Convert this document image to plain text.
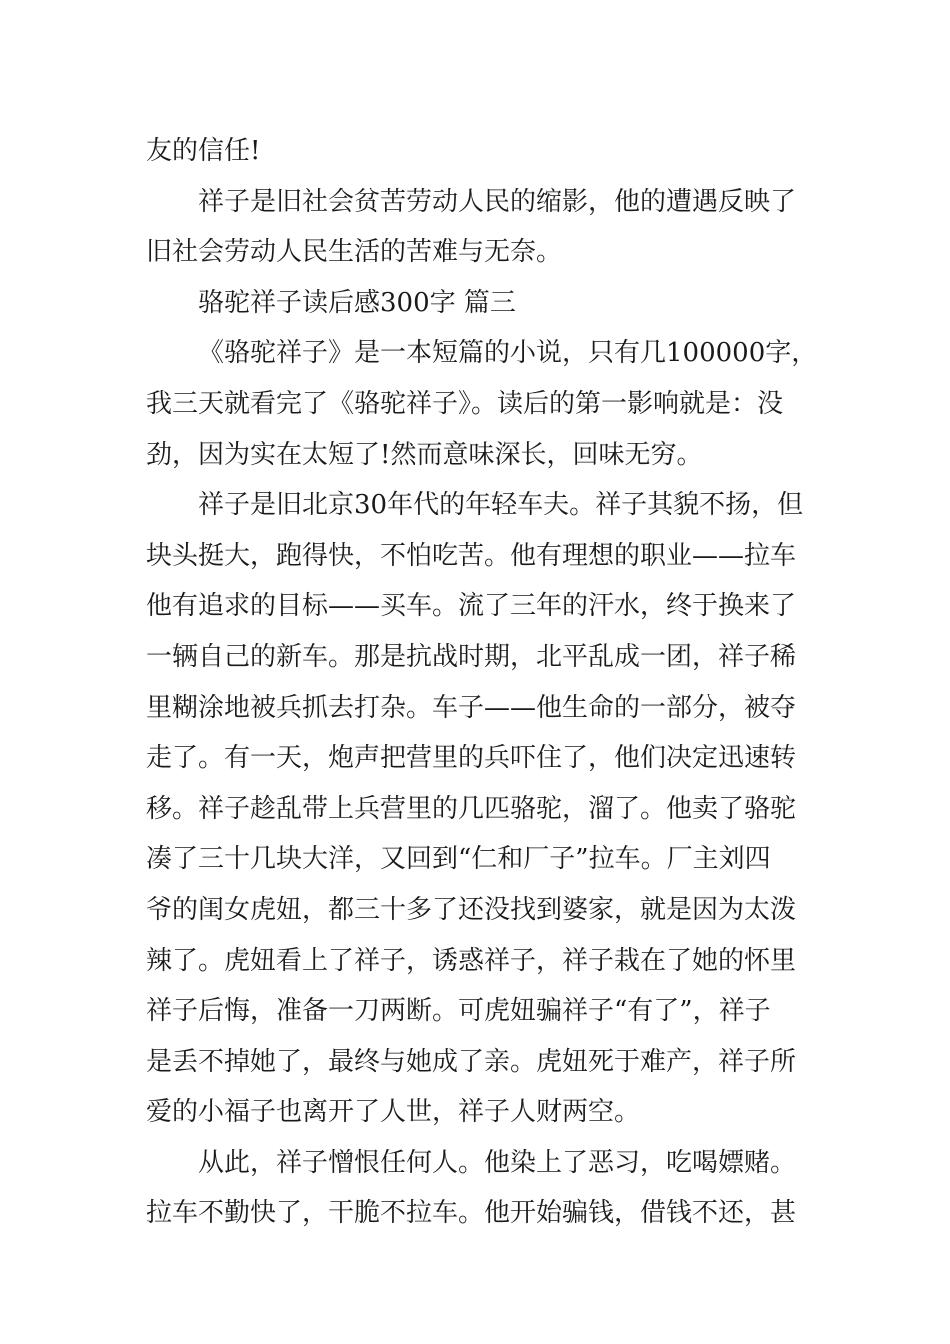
友的信任!
祥子是旧社会贫苦劳动人民的缩影，他的遭遇反映了
旧社会劳动人民生活的苦难与无奈。
骆驼祥子读后感300字 篇三
《骆驼祥子》是一本短篇的小说，只有几100000字，
我三天就看完了《骆驼祥子》。读后的第一影响就是：没
劲，因为实在太短了!然而意味深长，回味无穷。
祥子是旧北京30年代的年轻车夫。祥子其貌不扬，但
块头挺大，跑得快，不怕吃苦。他有理想的职业——拉车
他有追求的目标——买车。流了三年的汗水，终于换来了
一辆自己的新车。那是抗战时期，北平乱成一团，祥子稀
里糊涂地被兵抓去打杂。车子——他生命的一部分，被夺
走了。有一天，炮声把营里的兵吓住了，他们决定迅速转
移。祥子趁乱带上兵营里的几匹骆驼，溜了。他卖了骆驼
凑了三十几块大洋，又回到“仁和厂子”拉车。厂主刘四
爷的闺女虎妞，都三十多了还没找到婆家，就是因为太泼
辣了。虎妞看上了祥子，诱惑祥子，祥子栽在了她的怀里
祥子后悔，准备一刀两断。可虎妞骗祥子“有了”，祥子
是丢不掉她了，最终与她成了亲。虎妞死于难产，祥子所
爱的小福子也离开了人世，祥子人财两空。
从此，祥子憎恨任何人。他染上了恶习，吃喝嫖赌。
拉车不勤快了，干脆不拉车。他开始骗钱，借钱不还，甚
